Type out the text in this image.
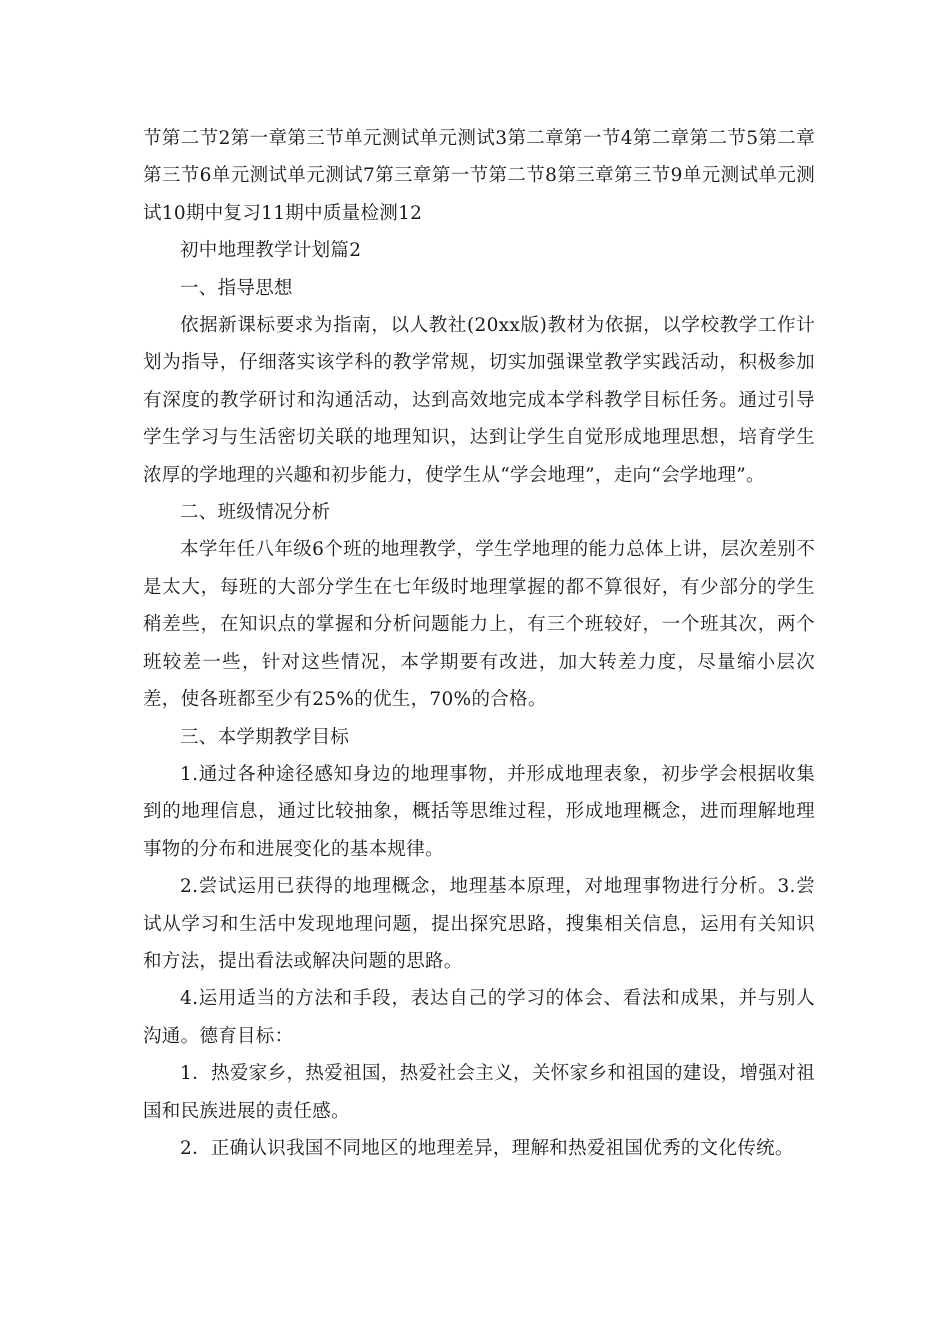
节第二节2第一章第三节单元测试单元测试3第二章第一节4第二章第二节5第二章第三节6单元测试单元测试7第三章第一节第二节8第三章第三节9单元测试单元测试10期中复习11期中质量检测12

初中地理教学计划篇2

一、指导思想

依据新课标要求为指南，以人教社(20xx版)教材为依据，以学校教学工作计划为指导，仔细落实该学科的教学常规，切实加强课堂教学实践活动，积极参加有深度的教学研讨和沟通活动，达到高效地完成本学科教学目标任务。通过引导学生学习与生活密切关联的地理知识，达到让学生自觉形成地理思想，培育学生浓厚的学地理的兴趣和初步能力，使学生从“学会地理”，走向“会学地理”。

二、班级情况分析

本学年任八年级6个班的地理教学，学生学地理的能力总体上讲，层次差别不是太大，每班的大部分学生在七年级时地理掌握的都不算很好，有少部分的学生稍差些，在知识点的掌握和分析问题能力上，有三个班较好，一个班其次，两个班较差一些，针对这些情况，本学期要有改进，加大转差力度，尽量缩小层次差，使各班都至少有25%的优生，70%的合格。

三、本学期教学目标

1.通过各种途径感知身边的地理事物，并形成地理表象，初步学会根据收集到的地理信息，通过比较抽象，概括等思维过程，形成地理概念，进而理解地理事物的分布和进展变化的基本规律。

2.尝试运用已获得的地理概念，地理基本原理，对地理事物进行分析。3.尝试从学习和生活中发现地理问题，提出探究思路，搜集相关信息，运用有关知识和方法，提出看法或解决问题的思路。

4.运用适当的方法和手段，表达自己的学习的体会、看法和成果，并与别人沟通。德育目标：

1．热爱家乡，热爱祖国，热爱社会主义，关怀家乡和祖国的建设，增强对祖国和民族进展的责任感。

2．正确认识我国不同地区的地理差异，理解和热爱祖国优秀的文化传统。
